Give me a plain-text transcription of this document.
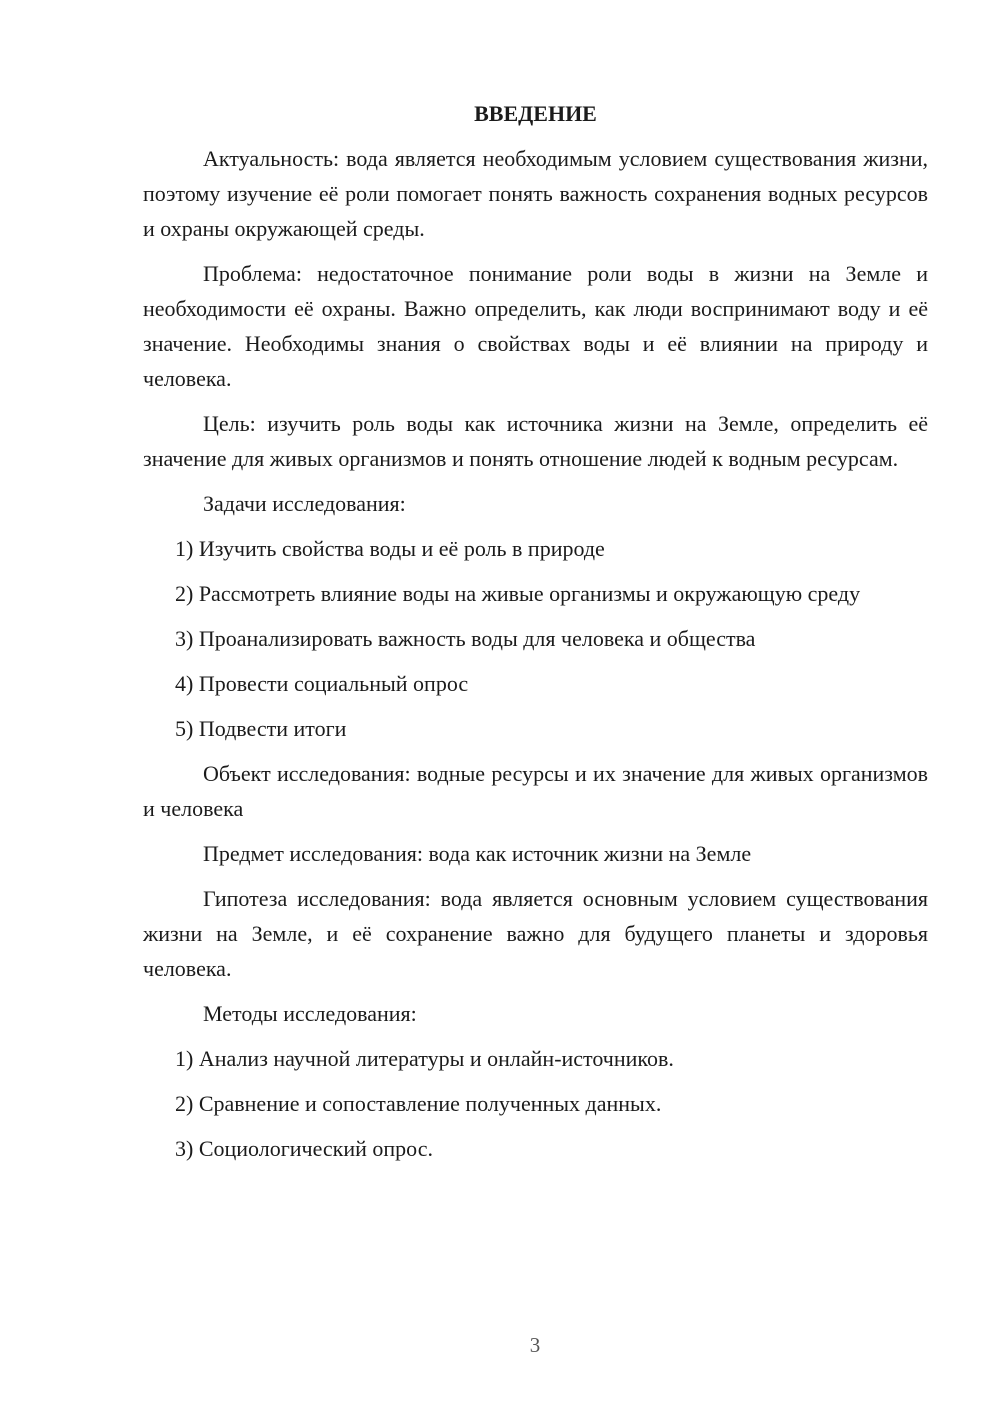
ВВЕДЕНИЕ

Актуальность: вода является необходимым условием существования жизни, поэтому изучение её роли помогает понять важность сохранения водных ресурсов и охраны окружающей среды.

Проблема: недостаточное понимание роли воды в жизни на Земле и необходимости её охраны. Важно определить, как люди воспринимают воду и её значение. Необходимы знания о свойствах воды и её влиянии на природу и человека.

Цель: изучить роль воды как источника жизни на Земле, определить её значение для живых организмов и понять отношение людей к водным ресурсам.

Задачи исследования:

1) Изучить свойства воды и её роль в природе

2) Рассмотреть влияние воды на живые организмы и окружающую среду

3) Проанализировать важность воды для человека и общества

4) Провести социальный опрос

5) Подвести итоги

Объект исследования: водные ресурсы и их значение для живых организмов и человека

Предмет исследования: вода как источник жизни на Земле

Гипотеза исследования: вода является основным условием существования жизни на Земле, и её сохранение важно для будущего планеты и здоровья человека.

Методы исследования:

1) Анализ научной литературы и онлайн-источников.

2) Сравнение и сопоставление полученных данных.

3) Социологический опрос.

3
